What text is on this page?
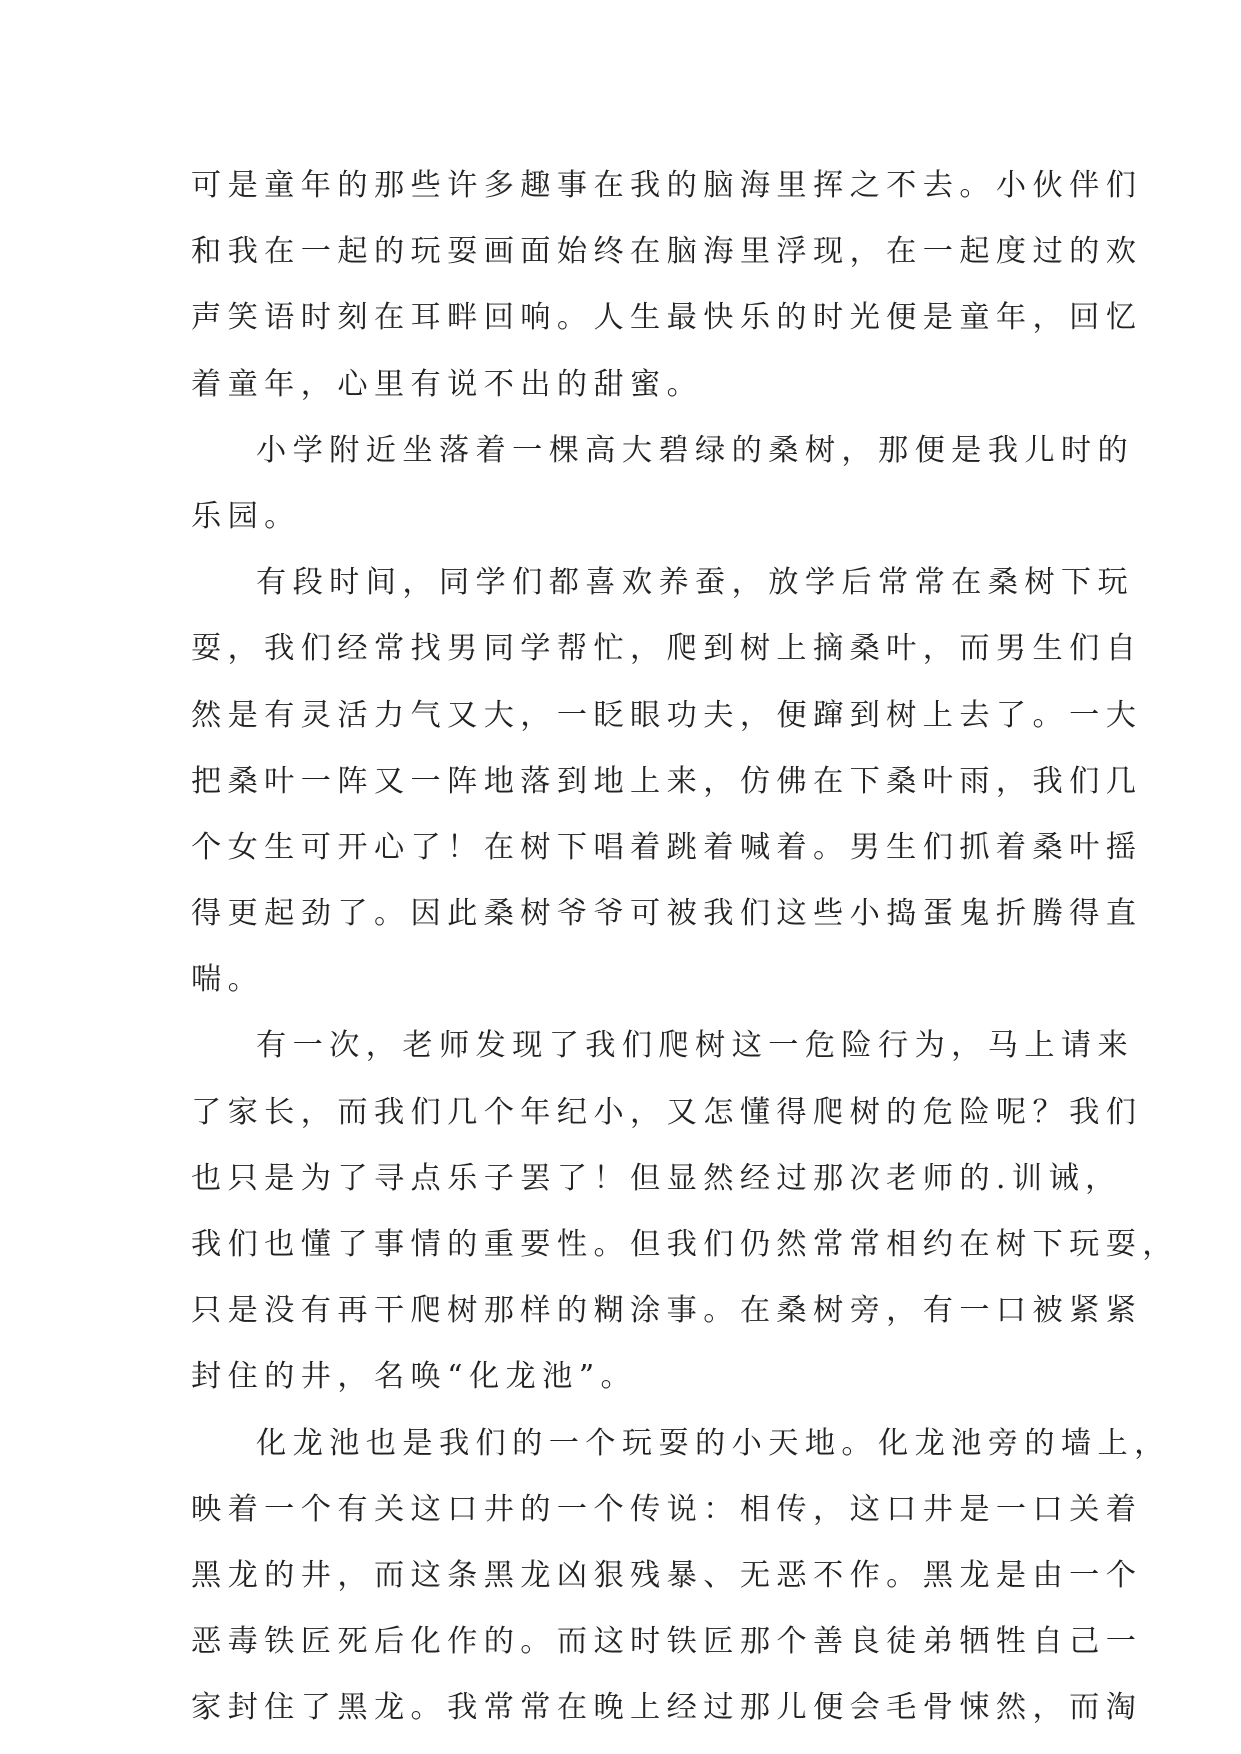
可是童年的那些许多趣事在我的脑海里挥之不去。小伙伴们
和我在一起的玩耍画面始终在脑海里浮现，在一起度过的欢
声笑语时刻在耳畔回响。人生最快乐的时光便是童年，回忆
着童年，心里有说不出的甜蜜。
小学附近坐落着一棵高大碧绿的桑树，那便是我儿时的
乐园。
有段时间，同学们都喜欢养蚕，放学后常常在桑树下玩
耍，我们经常找男同学帮忙，爬到树上摘桑叶，而男生们自
然是有灵活力气又大，一眨眼功夫，便蹿到树上去了。一大
把桑叶一阵又一阵地落到地上来，仿佛在下桑叶雨，我们几
个女生可开心了！在树下唱着跳着喊着。男生们抓着桑叶摇
得更起劲了。因此桑树爷爷可被我们这些小捣蛋鬼折腾得直
喘。
有一次，老师发现了我们爬树这一危险行为，马上请来
了家长，而我们几个年纪小，又怎懂得爬树的危险呢？我们
也只是为了寻点乐子罢了！但显然经过那次老师的.训诫，
我们也懂了事情的重要性。但我们仍然常常相约在树下玩耍，
只是没有再干爬树那样的糊涂事。在桑树旁，有一口被紧紧
封住的井，名唤“化龙池”。
化龙池也是我们的一个玩耍的小天地。化龙池旁的墙上，
映着一个有关这口井的一个传说：相传，这口井是一口关着
黑龙的井，而这条黑龙凶狠残暴、无恶不作。黑龙是由一个
恶毒铁匠死后化作的。而这时铁匠那个善良徒弟牺牲自己一
家封住了黑龙。我常常在晚上经过那儿便会毛骨悚然，而淘
